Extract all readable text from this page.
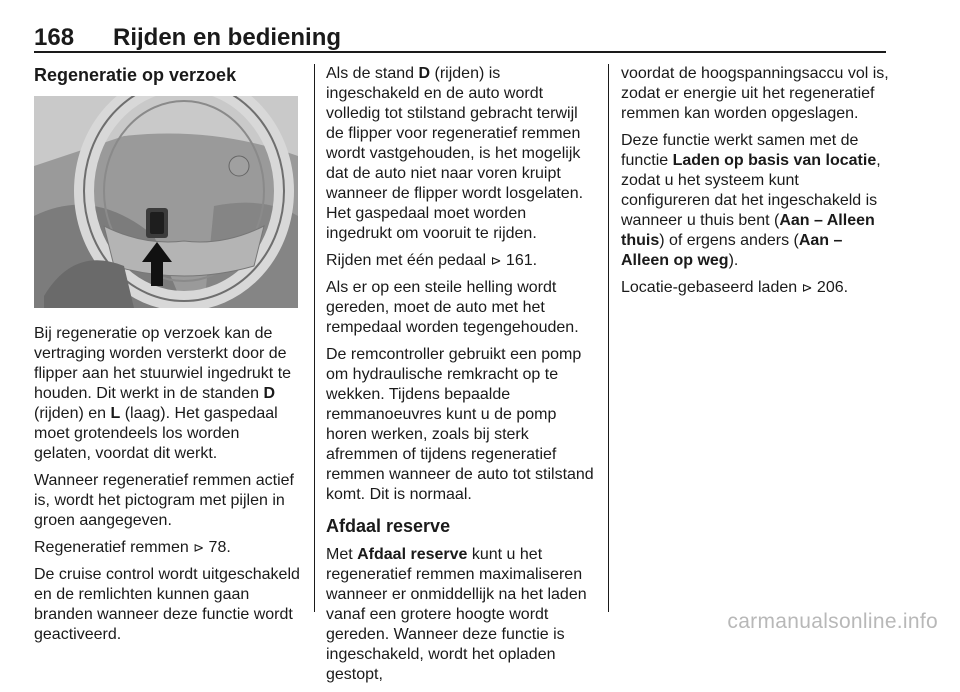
168 Rijden en bediening
Regeneratie op verzoek

Bij regeneratie op verzoek kan de vertraging worden versterkt door de flipper aan het stuurwiel ingedrukt te houden. Dit werkt in de standen D (rijden) en L (laag). Het gaspedaal moet grotendeels los worden gelaten, voordat dit werkt.

Wanneer regeneratief remmen actief is, wordt het pictogram met pijlen in groen aangegeven.

Regeneratief remmen ⊳ 78.

De cruise control wordt uitgeschakeld en de remlichten kunnen gaan branden wanneer deze functie wordt geactiveerd.

Als de stand D (rijden) is ingeschakeld en de auto wordt volledig tot stilstand gebracht terwijl de flipper voor regeneratief remmen wordt vastgehouden, is het mogelijk dat de auto niet naar voren kruipt wanneer de flipper wordt losgelaten. Het gaspedaal moet worden ingedrukt om vooruit te rijden.

Rijden met één pedaal ⊳ 161.

Als er op een steile helling wordt gereden, moet de auto met het rempedaal worden tegengehouden.

De remcontroller gebruikt een pomp om hydraulische remkracht op te wekken. Tijdens bepaalde remmanoeuvres kunt u de pomp horen werken, zoals bij sterk afremmen of tijdens regeneratief remmen wanneer de auto tot stilstand komt. Dit is normaal.

Afdaal reserve

Met Afdaal reserve kunt u het regeneratief remmen maximaliseren wanneer er onmiddellijk na het laden vanaf een grotere hoogte wordt gereden. Wanneer deze functie is ingeschakeld, wordt het opladen gestopt,

voordat de hoogspanningsaccu vol is, zodat er energie uit het regeneratief remmen kan worden opgeslagen.

Deze functie werkt samen met de functie Laden op basis van locatie, zodat u het systeem kunt configureren dat het ingeschakeld is wanneer u thuis bent (Aan – Alleen thuis) of ergens anders (Aan – Alleen op weg).

Locatie-gebaseerd laden ⊳ 206.

carmanualsonline.info
